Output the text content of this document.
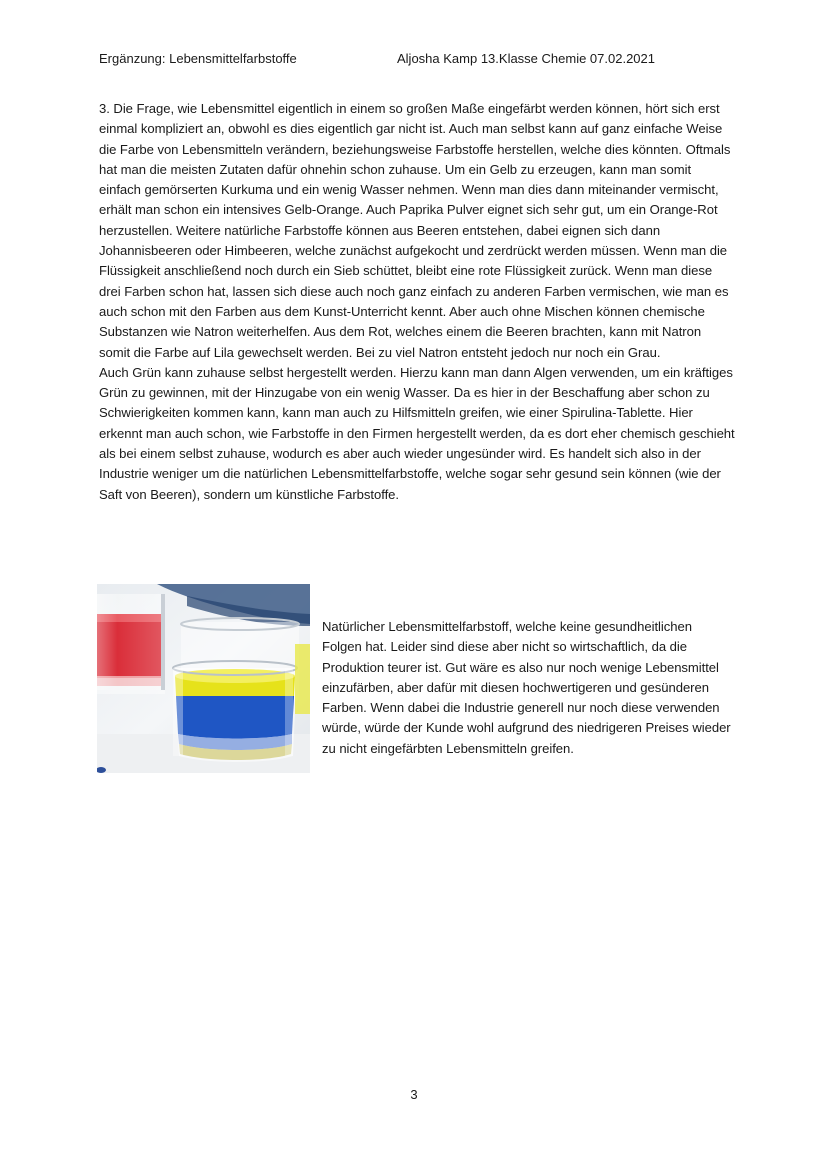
Ergänzung: Lebensmittelfarbstoffe	Aljosha Kamp 13.Klasse Chemie 07.02.2021

3. Die Frage, wie Lebensmittel eigentlich in einem so großen Maße eingefärbt werden können, hört sich erst einmal kompliziert an, obwohl es dies eigentlich gar nicht ist. Auch man selbst kann auf ganz einfache Weise die Farbe von Lebensmitteln verändern, beziehungsweise Farbstoffe herstellen, welche dies könnten. Oftmals hat man die meisten Zutaten dafür ohnehin schon zuhause. Um ein Gelb zu erzeugen, kann man somit einfach gemörserten Kurkuma und ein wenig Wasser nehmen. Wenn man dies dann miteinander vermischt, erhält man schon ein intensives Gelb-Orange. Auch Paprika Pulver eignet sich sehr gut, um ein Orange-Rot herzustellen. Weitere natürliche Farbstoffe können aus Beeren entstehen, dabei eignen sich dann Johannisbeeren oder Himbeeren, welche zunächst aufgekocht und zerdrückt werden müssen. Wenn man die Flüssigkeit anschließend noch durch ein Sieb schüttet, bleibt eine rote Flüssigkeit zurück. Wenn man diese drei Farben schon hat, lassen sich diese auch noch ganz einfach zu anderen Farben vermischen, wie man es auch schon mit den Farben aus dem Kunst-Unterricht kennt. Aber auch ohne Mischen können chemische Substanzen wie Natron weiterhelfen. Aus dem Rot, welches einem die Beeren brachten, kann mit Natron somit die Farbe auf Lila gewechselt werden. Bei zu viel Natron entsteht jedoch nur noch ein Grau.

Auch Grün kann zuhause selbst hergestellt werden. Hierzu kann man dann Algen verwenden, um ein kräftiges Grün zu gewinnen, mit der Hinzugabe von ein wenig Wasser. Da es hier in der Beschaffung aber schon zu Schwierigkeiten kommen kann, kann man auch zu Hilfsmitteln greifen, wie einer Spirulina-Tablette. Hier erkennt man auch schon, wie Farbstoffe in den Firmen hergestellt werden, da es dort eher chemisch geschieht als bei einem selbst zuhause, wodurch es aber auch wieder ungesünder wird. Es handelt sich also in der Industrie weniger um die natürlichen Lebensmittelfarbstoffe, welche sogar sehr gesund sein können (wie der Saft von Beeren), sondern um künstliche Farbstoffe.

Natürlicher Lebensmittelfarbstoff, welche keine gesundheitlichen Folgen hat. Leider sind diese aber nicht so wirtschaftlich, da die Produktion teurer ist. Gut wäre es also nur noch wenige Lebensmittel einzufärben, aber dafür mit diesen hochwertigeren und gesünderen Farben. Wenn dabei die Industrie generell nur noch diese verwenden würde, würde der Kunde wohl aufgrund des niedrigeren Preises wieder zu nicht eingefärbten Lebensmitteln greifen.

3
